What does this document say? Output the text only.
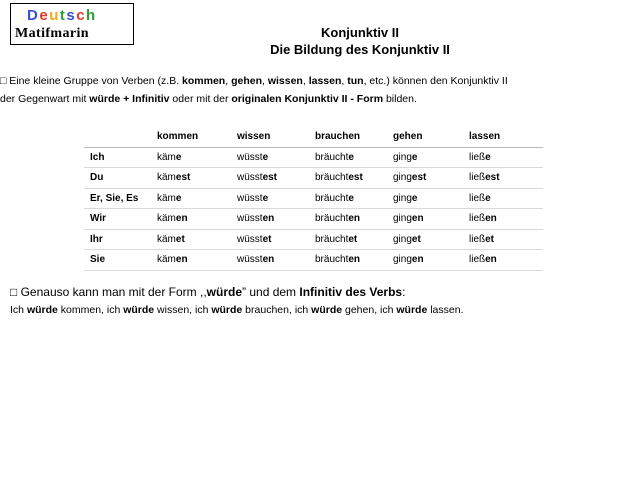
Deutsch
Matifmarin	Konjunktiv II
Die Bildung des Konjunktiv II
□ Eine kleine Gruppe von Verben (z.B. kommen, gehen, wissen, lassen, tun, etc.) können den Konjunktiv II
der Gegenwart mit würde + Infinitiv oder mit der originalen Konjunktiv II - Form bilden.
	kommen	wissen	brauchen	gehen	lassen
Ich	käme	wüsste	bräuchte	ginge	ließe
Du	kämest	wüsstest	bräuchtest	gingest	ließest
Er, Sie, Es	käme	wüsste	bräuchte	ginge	ließe
Wir	kämen	wüssten	bräuchten	gingen	ließen
Ihr	kämet	wüsstet	bräuchtet	ginget	ließet
Sie	kämen	wüssten	bräuchten	gingen	ließen
□ Genauso kann man mit der Form ,,würde” und dem Infinitiv des Verbs:
Ich würde kommen, ich würde wissen, ich würde brauchen, ich würde gehen, ich würde lassen.
